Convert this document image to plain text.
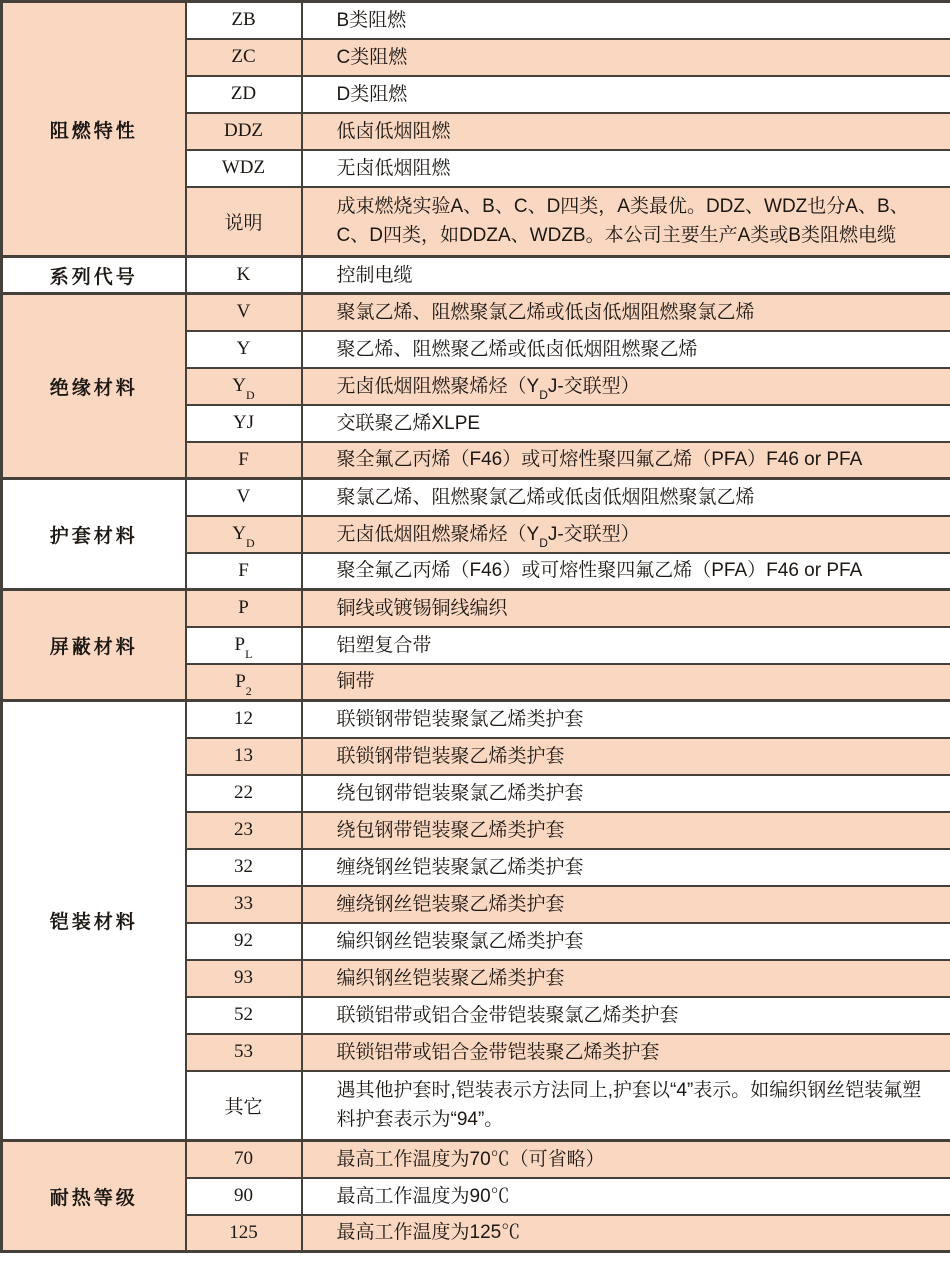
阻燃特性	ZB	B类阻燃
	ZC	C类阻燃
	ZD	D类阻燃
	DDZ	低卤低烟阻燃
	WDZ	无卤低烟阻燃
	说明	成束燃烧实验A、B、C、D四类，A类最优。DDZ、WDZ也分A、B、C、D四类，如DDZA、WDZB。本公司主要生产A类或B类阻燃电缆
系列代号	K	控制电缆
绝缘材料	V	聚氯乙烯、阻燃聚氯乙烯或低卤低烟阻燃聚氯乙烯
	Y	聚乙烯、阻燃聚乙烯或低卤低烟阻燃聚乙烯
	$Y_D$	无卤低烟阻燃聚烯烃（$Y_DJ-$交联型）
	YJ	交联聚乙烯XLPE
	F	聚全氟乙丙烯（F46）或可熔性聚四氟乙烯（PFA）F46 or PFA
护套材料	V	聚氯乙烯、阻燃聚氯乙烯或低卤低烟阻燃聚氯乙烯
	$Y_D$	无卤低烟阻燃聚烯烃（$Y_DJ-$交联型）
	F	聚全氟乙丙烯（F46）或可熔性聚四氟乙烯（PFA）F46 or PFA
屏蔽材料	P	铜线或镀锡铜线编织
	$P_L$	铝塑复合带
	$P_2$	铜带
铠装材料	12	联锁钢带铠装聚氯乙烯类护套
	13	联锁钢带铠装聚乙烯类护套
	22	绕包钢带铠装聚氯乙烯类护套
	23	绕包钢带铠装聚乙烯类护套
	32	缠绕钢丝铠装聚氯乙烯类护套
	33	缠绕钢丝铠装聚乙烯类护套
	92	编织钢丝铠装聚氯乙烯类护套
	93	编织钢丝铠装聚乙烯类护套
	52	联锁铝带或铝合金带铠装聚氯乙烯类护套
	53	联锁铝带或铝合金带铠装聚乙烯类护套
	其它	遇其他护套时,铠装表示方法同上,护套以“4”表示。如编织钢丝铠装氟塑料护套表示为“94”。
耐热等级	70	最高工作温度为70℃（可省略）
	90	最高工作温度为90℃
	125	最高工作温度为125℃
